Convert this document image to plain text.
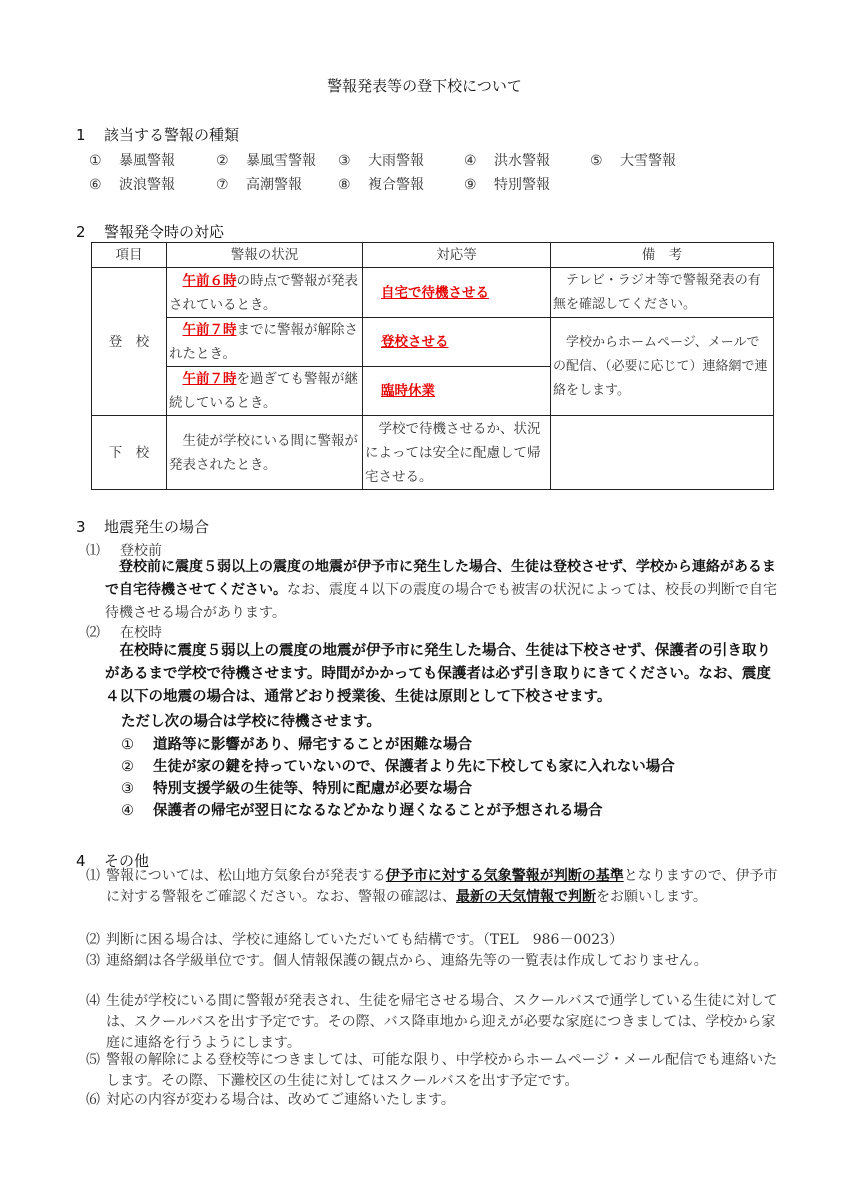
警報発表等の登下校について
1 該当する警報の種類
① 暴風警報	② 暴風雪警報 ③ 大雨警報	④ 洪水警報	⑤ 大雪警報
⑥ 波浪警報	⑦ 高潮警報	⑧ 複合警報	⑨ 特別警報
2 警報発令時の対応
項目	警報の状況	対応等	備　考
登　校	午前６時の時点で警報が発表されているとき。	自宅で待機させる	テレビ・ラジオ等で警報発表の有無を確認してください。
	午前７時までに警報が解除されたとき。	登校させる	学校からホームページ、メールでの配信、（必要に応じて）連絡網で連絡をします。
	午前７時を過ぎても警報が継続しているとき。	臨時休業	
下　校	生徒が学校にいる間に警報が発表されたとき。	学校で待機させるか、状況によっては安全に配慮して帰宅させる。	
3 地震発生の場合
⑴ 登校前
登校前に震度５弱以上の震度の地震が伊予市に発生した場合、生徒は登校させず、学校から連絡があるまで自宅待機させてください。なお、震度４以下の震度の場合でも被害の状況によっては、校長の判断で自宅待機させる場合があります。
⑵ 在校時
在校時に震度５弱以上の震度の地震が伊予市に発生した場合、生徒は下校させず、保護者の引き取りがあるまで学校で待機させます。時間がかかっても保護者は必ず引き取りにきてください。なお、震度４以下の地震の場合は、通常どおり授業後、生徒は原則として下校させます。
ただし次の場合は学校に待機させます。
① 道路等に影響があり、帰宅することが困難な場合
② 生徒が家の鍵を持っていないので、保護者より先に下校しても家に入れない場合
③ 特別支援学級の生徒等、特別に配慮が必要な場合
④ 保護者の帰宅が翌日になるなどかなり遅くなることが予想される場合
4 その他
⑴ 警報については、松山地方気象台が発表する伊予市に対する気象警報が判断の基準となりますので、伊予市に対する警報をご確認ください。なお、警報の確認は、最新の天気情報で判断をお願いします。
⑵ 判断に困る場合は、学校に連絡していただいても結構です。（TEL　986－0023）
⑶ 連絡網は各学級単位です。個人情報保護の観点から、連絡先等の一覧表は作成しておりません。
⑷ 生徒が学校にいる間に警報が発表され、生徒を帰宅させる場合、スクールバスで通学している生徒に対しては、スクールバスを出す予定です。その際、バス降車地から迎えが必要な家庭につきましては、学校から家庭に連絡を行うようにします。
⑸ 警報の解除による登校等につきましては、可能な限り、中学校からホームページ・メール配信でも連絡いたします。その際、下灘校区の生徒に対してはスクールバスを出す予定です。
⑹ 対応の内容が変わる場合は、改めてご連絡いたします。
